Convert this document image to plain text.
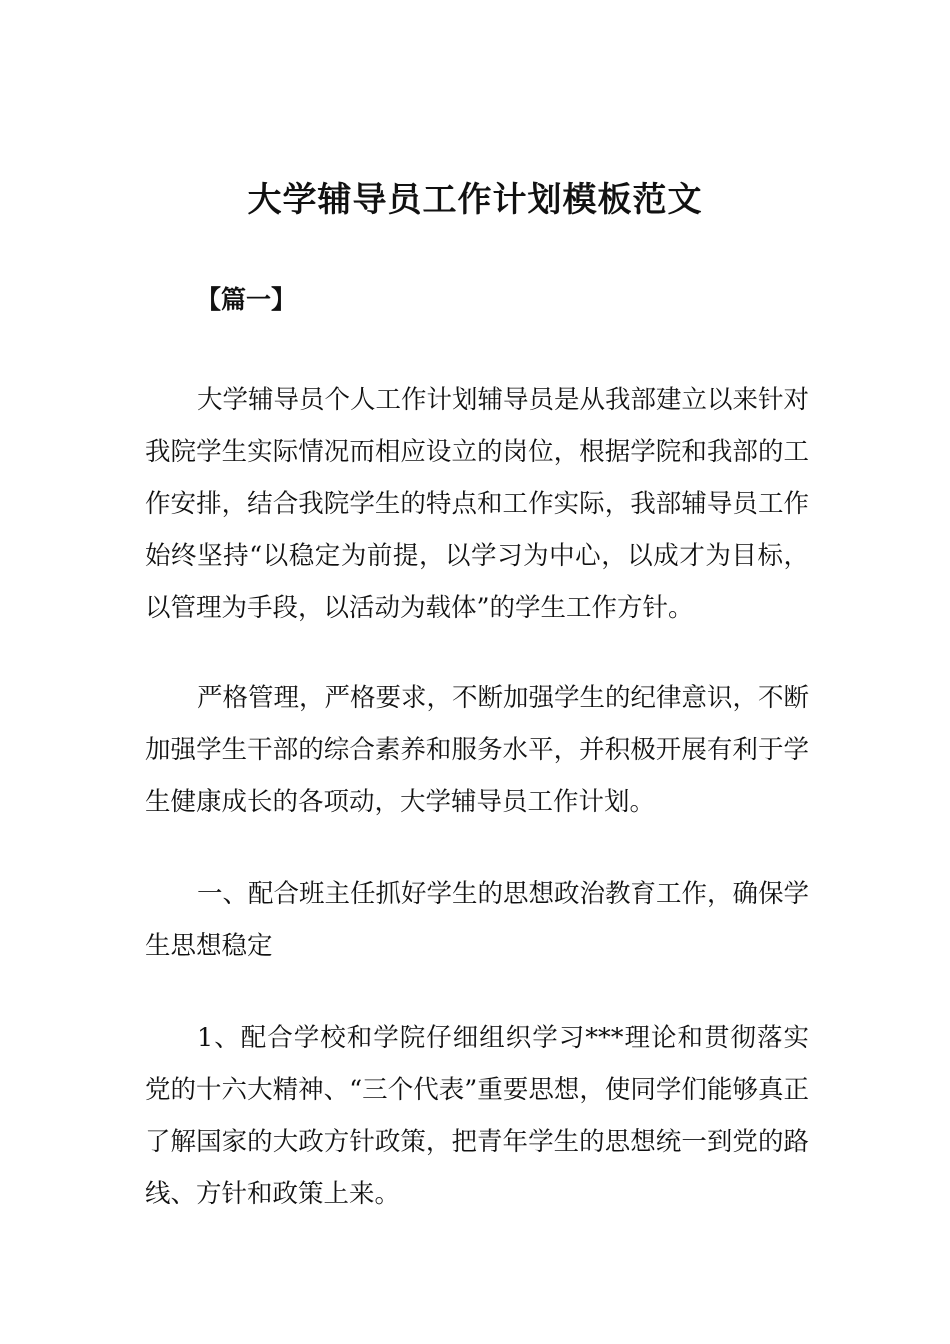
大学辅导员工作计划模板范文
【篇一】

大学辅导员个人工作计划辅导员是从我部建立以来针对我院学生实际情况而相应设立的岗位，根据学院和我部的工作安排，结合我院学生的特点和工作实际，我部辅导员工作始终坚持“以稳定为前提，以学习为中心，以成才为目标，以管理为手段，以活动为载体”的学生工作方针。

严格管理，严格要求，不断加强学生的纪律意识，不断加强学生干部的综合素养和服务水平，并积极开展有利于学生健康成长的各项动，大学辅导员工作计划。

一、配合班主任抓好学生的思想政治教育工作，确保学生思想稳定

1、配合学校和学院仔细组织学习***理论和贯彻落实党的十六大精神、“三个代表”重要思想，使同学们能够真正了解国家的大政方针政策，把青年学生的思想统一到党的路线、方针和政策上来。
